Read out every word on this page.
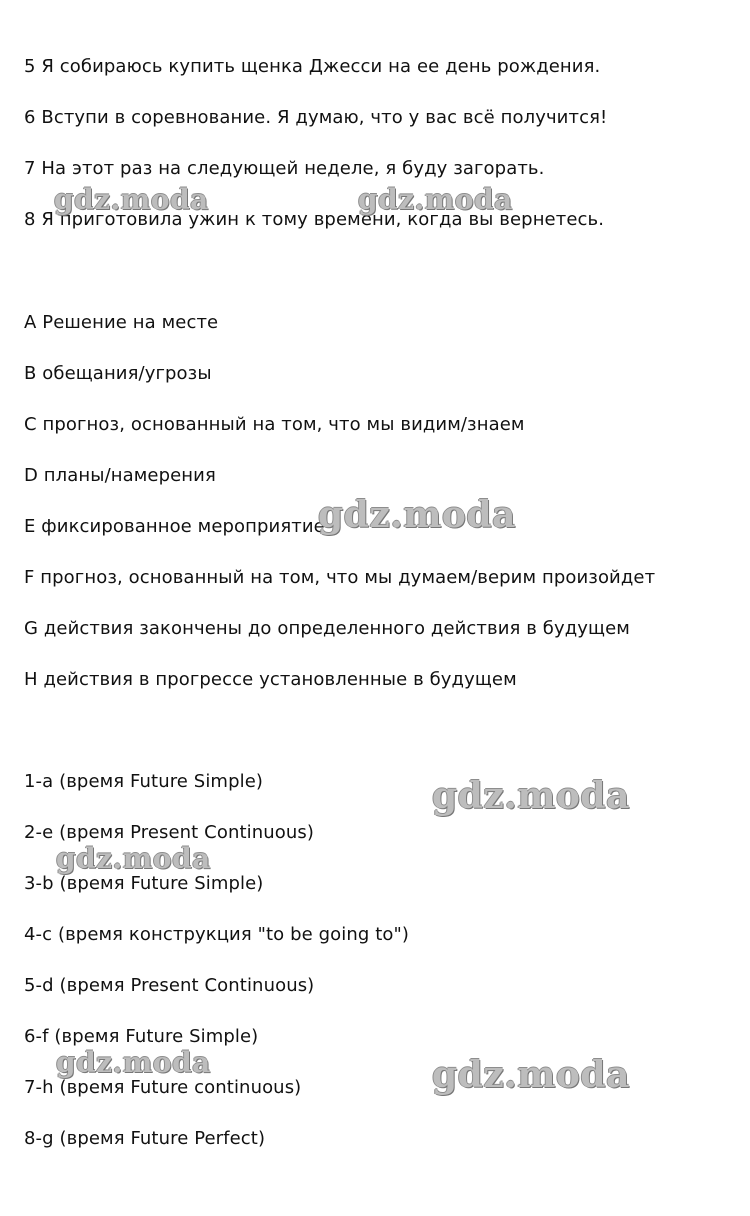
5 Я собираюсь купить щенка Джесси на ее день рождения.
6 Вступи в соревнование. Я думаю, что у вас всё получится!
7 На этот раз на следующей неделе, я буду загорать.
8 Я приготовила ужин к тому времени, когда вы вернетесь.
A Решение на месте
B обещания/угрозы
C прогноз, основанный на том, что мы видим/знаем
D планы/намерения
E фиксированное мероприятие
F прогноз, основанный на том, что мы думаем/верим произойдет
G действия закончены до определенного действия в будущем
H действия в прогрессе установленные в будущем
1-a (время Future Simple)
2-e (время Present Continuous)
3-b (время Future Simple)
4-c (время конструкция "to be going to")
5-d (время Present Continuous)
6-f (время Future Simple)
7-h (время Future continuous)
8-g (время Future Perfect)
gdz.moda	gdz.moda
gdz.moda
gdz.moda
gdz.moda
gdz.moda	gdz.moda
